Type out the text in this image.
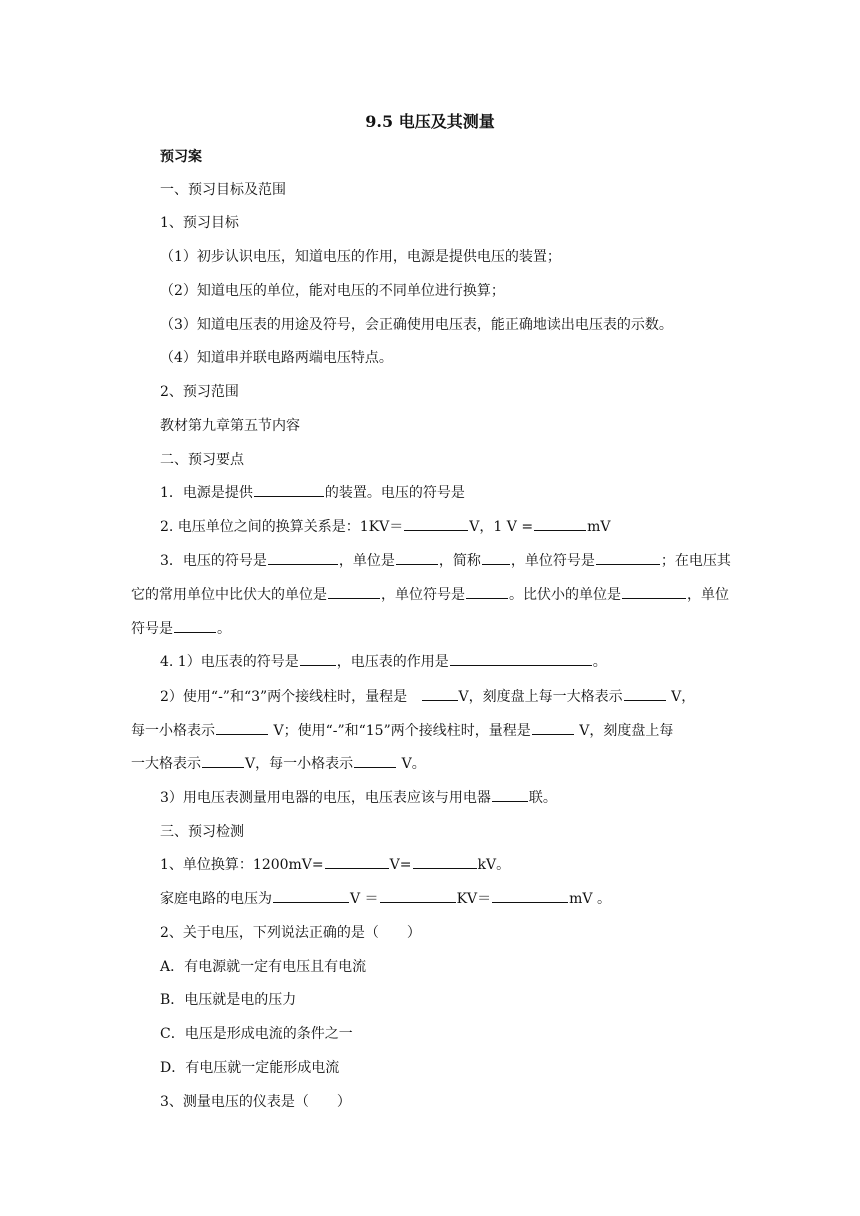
9.5 电压及其测量
预习案
一、预习目标及范围
1、预习目标
（1）初步认识电压，知道电压的作用，电源是提供电压的装置；
（2）知道电压的单位，能对电压的不同单位进行换算；
（3）知道电压表的用途及符号，会正确使用电压表，能正确地读出电压表的示数。
（4）知道串并联电路两端电压特点。
2、预习范围
教材第九章第五节内容
二、预习要点
1．电源是提供	的装置。电压的符号是
2. 电压单位之间的换算关系是：1KV＝	V，1 V =	mV
3．电压的符号是	，单位是	，简称 ，单位符号是	；在电压其
它的常用单位中比伏大的单位是	，单位符号是	。比伏小的单位是	，单位
符号是	。
4. 1）电压表的符号是	，电压表的作用是	。
2）使用“-”和“3”两个接线柱时，量程是	V，刻度盘上每一大格表示	V，
每一小格表示	V；使用“-”和“15”两个接线柱时，量程是	V，刻度盘上每
一大格表示	V，每一小格表示	V。
3）用电压表测量用电器的电压，电压表应该与用电器	联。
三、预习检测
1、单位换算：1200mV=	V=	kV。
家庭电路的电压为	V ＝	KV＝	mV 。
2、关于电压，下列说法正确的是（　　）
A．有电源就一定有电压且有电流
B．电压就是电的压力
C．电压是形成电流的条件之一
D．有电压就一定能形成电流
3、测量电压的仪表是（　　）
